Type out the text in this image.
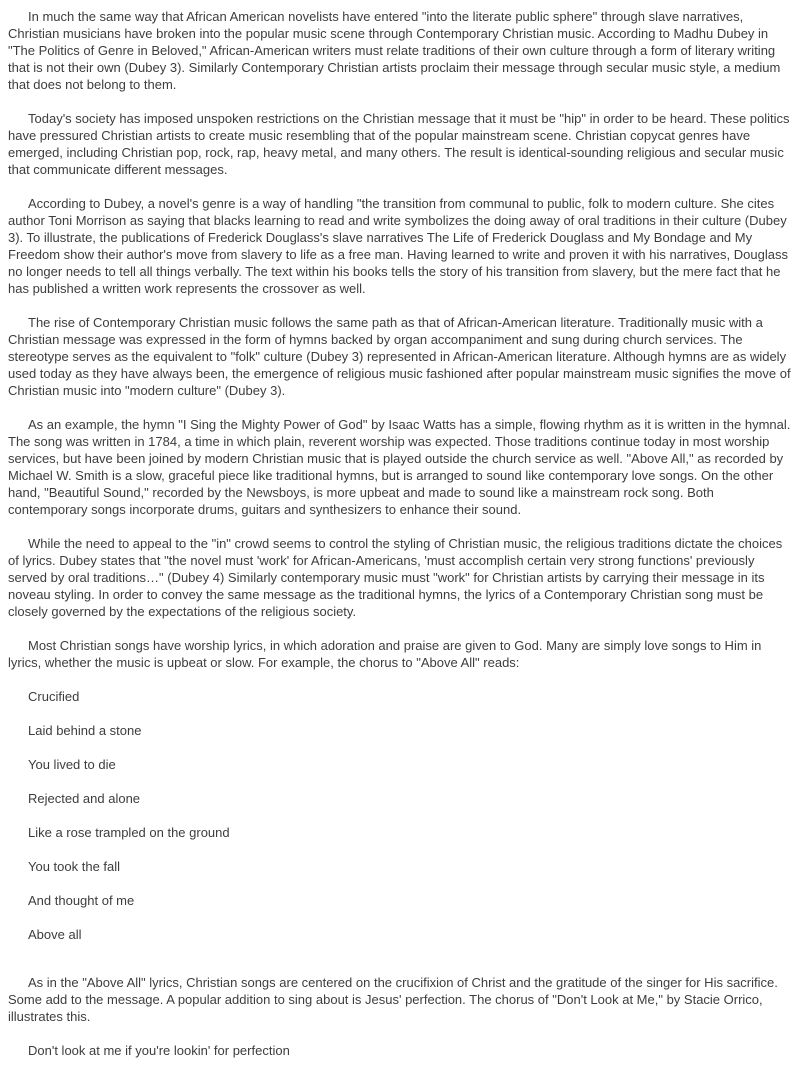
In much the same way that African American novelists have entered "into the literate public sphere" through slave narratives, Christian musicians have broken into the popular music scene through Contemporary Christian music. According to Madhu Dubey in "The Politics of Genre in Beloved," African-American writers must relate traditions of their own culture through a form of literary writing that is not their own (Dubey 3). Similarly Contemporary Christian artists proclaim their message through secular music style, a medium that does not belong to them.

Today's society has imposed unspoken restrictions on the Christian message that it must be "hip" in order to be heard. These politics have pressured Christian artists to create music resembling that of the popular mainstream scene. Christian copycat genres have emerged, including Christian pop, rock, rap, heavy metal, and many others. The result is identical-sounding religious and secular music that communicate different messages.

According to Dubey, a novel's genre is a way of handling "the transition from communal to public, folk to modern culture. She cites author Toni Morrison as saying that blacks learning to read and write symbolizes the doing away of oral traditions in their culture (Dubey 3). To illustrate, the publications of Frederick Douglass's slave narratives The Life of Frederick Douglass and My Bondage and My Freedom show their author's move from slavery to life as a free man. Having learned to write and proven it with his narratives, Douglass no longer needs to tell all things verbally. The text within his books tells the story of his transition from slavery, but the mere fact that he has published a written work represents the crossover as well.

The rise of Contemporary Christian music follows the same path as that of African-American literature. Traditionally music with a Christian message was expressed in the form of hymns backed by organ accompaniment and sung during church services. The stereotype serves as the equivalent to "folk" culture (Dubey 3) represented in African-American literature. Although hymns are as widely used today as they have always been, the emergence of religious music fashioned after popular mainstream music signifies the move of Christian music into "modern culture" (Dubey 3).

As an example, the hymn "I Sing the Mighty Power of God" by Isaac Watts has a simple, flowing rhythm as it is written in the hymnal. The song was written in 1784, a time in which plain, reverent worship was expected. Those traditions continue today in most worship services, but have been joined by modern Christian music that is played outside the church service as well. "Above All," as recorded by Michael W. Smith is a slow, graceful piece like traditional hymns, but is arranged to sound like contemporary love songs. On the other hand, "Beautiful Sound," recorded by the Newsboys, is more upbeat and made to sound like a mainstream rock song. Both contemporary songs incorporate drums, guitars and synthesizers to enhance their sound.

While the need to appeal to the "in" crowd seems to control the styling of Christian music, the religious traditions dictate the choices of lyrics. Dubey states that "the novel must 'work' for African-Americans, 'must accomplish certain very strong functions' previously served by oral traditions…" (Dubey 4) Similarly contemporary music must "work" for Christian artists by carrying their message in its noveau styling. In order to convey the same message as the traditional hymns, the lyrics of a Contemporary Christian song must be closely governed by the expectations of the religious society.

Most Christian songs have worship lyrics, in which adoration and praise are given to God. Many are simply love songs to Him in lyrics, whether the music is upbeat or slow. For example, the chorus to "Above All" reads:

Crucified

Laid behind a stone

You lived to die

Rejected and alone

Like a rose trampled on the ground

You took the fall

And thought of me

Above all

As in the "Above All" lyrics, Christian songs are centered on the crucifixion of Christ and the gratitude of the singer for His sacrifice. Some add to the message. A popular addition to sing about is Jesus' perfection. The chorus of "Don't Look at Me," by Stacie Orrico, illustrates this.

Don't look at me if you're lookin' for perfection
